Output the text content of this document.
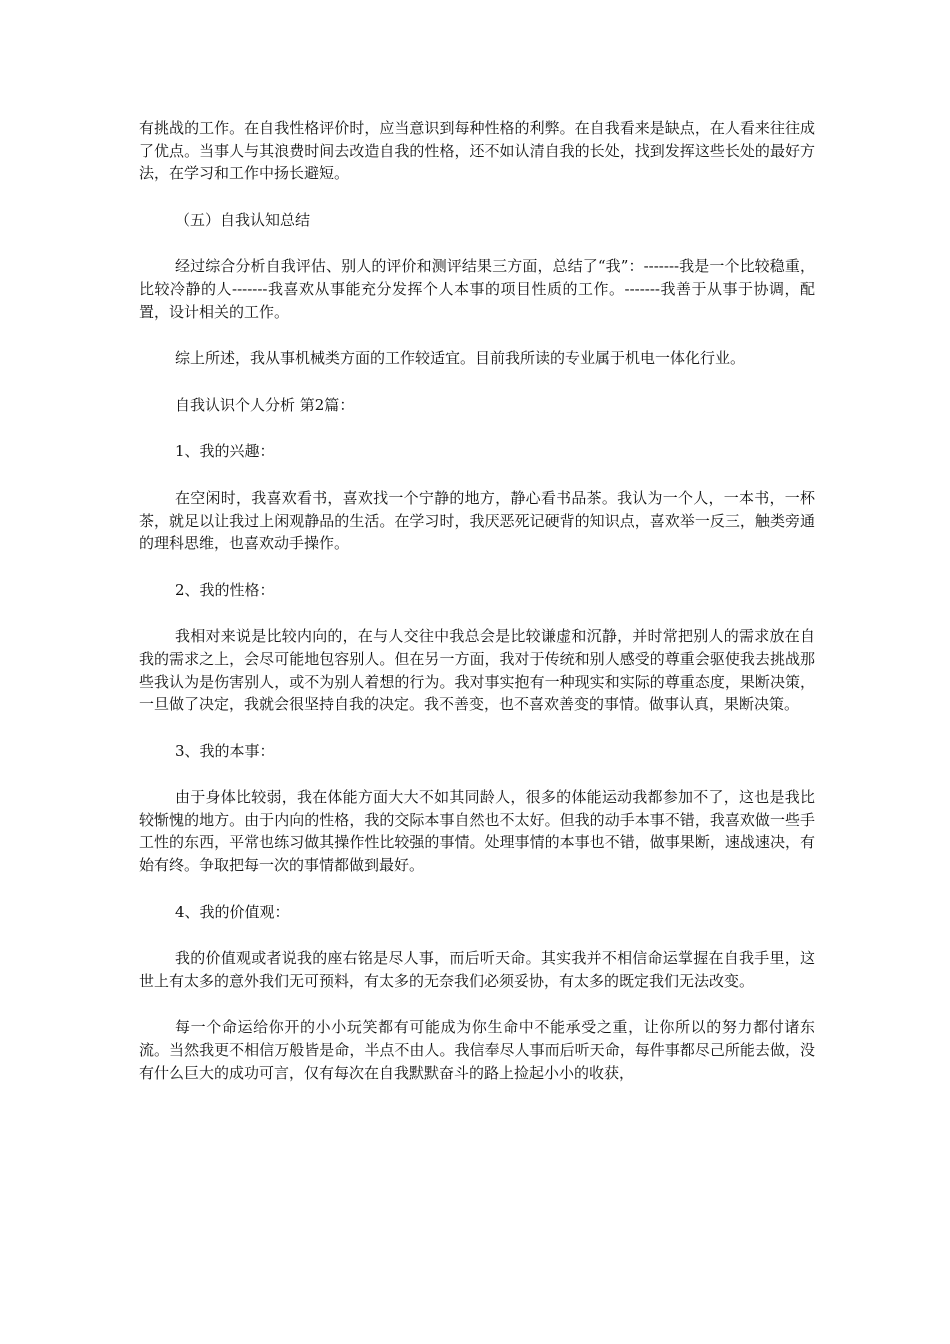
有挑战的工作。在自我性格评价时，应当意识到每种性格的利弊。在自我看来是缺点，在人看来往往成了优点。当事人与其浪费时间去改造自我的性格，还不如认清自我的长处，找到发挥这些长处的最好方法，在学习和工作中扬长避短。

（五）自我认知总结

经过综合分析自我评估、别人的评价和测评结果三方面，总结了“我”：-------我是一个比较稳重，比较冷静的人-------我喜欢从事能充分发挥个人本事的项目性质的工作。-------我善于从事于协调，配置，设计相关的工作。

综上所述，我从事机械类方面的工作较适宜。目前我所读的专业属于机电一体化行业。

自我认识个人分析 第2篇：

1、我的兴趣：

在空闲时，我喜欢看书，喜欢找一个宁静的地方，静心看书品茶。我认为一个人，一本书，一杯茶，就足以让我过上闲观静品的生活。在学习时，我厌恶死记硬背的知识点，喜欢举一反三，触类旁通的理科思维，也喜欢动手操作。

2、我的性格：

我相对来说是比较内向的，在与人交往中我总会是比较谦虚和沉静，并时常把别人的需求放在自我的需求之上，会尽可能地包容别人。但在另一方面，我对于传统和别人感受的尊重会驱使我去挑战那些我认为是伤害别人，或不为别人着想的行为。我对事实抱有一种现实和实际的尊重态度，果断决策，一旦做了决定，我就会很坚持自我的决定。我不善变，也不喜欢善变的事情。做事认真，果断决策。

3、我的本事：

由于身体比较弱，我在体能方面大大不如其同龄人，很多的体能运动我都参加不了，这也是我比较惭愧的地方。由于内向的性格，我的交际本事自然也不太好。但我的动手本事不错，我喜欢做一些手工性的东西，平常也练习做其操作性比较强的事情。处理事情的本事也不错，做事果断，速战速决，有始有终。争取把每一次的事情都做到最好。

4、我的价值观：

我的价值观或者说我的座右铭是尽人事，而后听天命。其实我并不相信命运掌握在自我手里，这世上有太多的意外我们无可预料，有太多的无奈我们必须妥协，有太多的既定我们无法改变。

每一个命运给你开的小小玩笑都有可能成为你生命中不能承受之重，让你所以的努力都付诸东流。当然我更不相信万般皆是命，半点不由人。我信奉尽人事而后听天命，每件事都尽己所能去做，没有什么巨大的成功可言，仅有每次在自我默默奋斗的路上捡起小小的收获，
